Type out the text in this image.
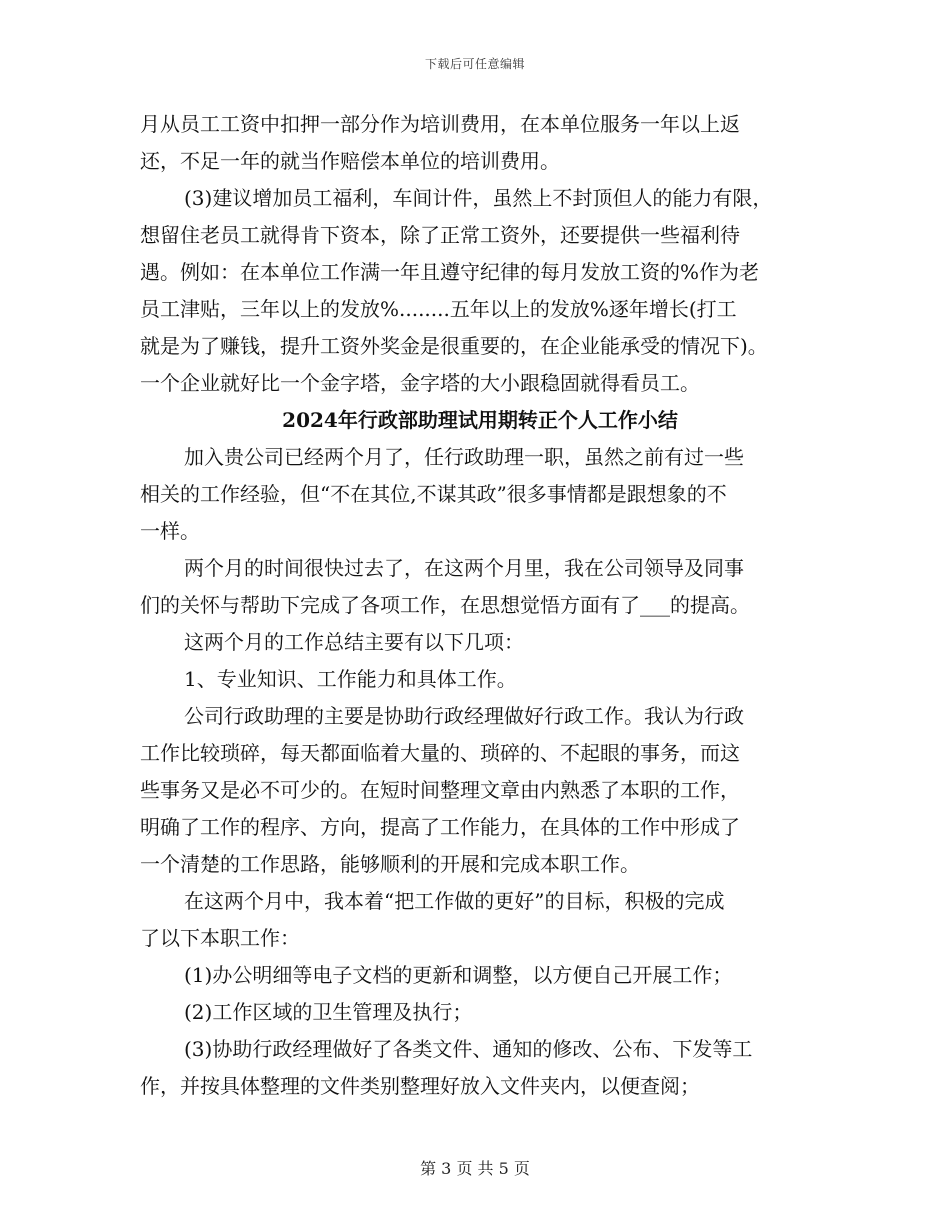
下载后可任意编辑
月从员工工资中扣押一部分作为培训费用，在本单位服务一年以上返
还，不足一年的就当作赔偿本单位的培训费用。
(3)建议增加员工福利，车间计件，虽然上不封顶但人的能力有限，
想留住老员工就得肯下资本，除了正常工资外，还要提供一些福利待
遇。例如：在本单位工作满一年且遵守纪律的每月发放工资的%作为老
员工津贴，三年以上的发放%........五年以上的发放%逐年增长(打工
就是为了赚钱，提升工资外奖金是很重要的，在企业能承受的情况下)。
一个企业就好比一个金字塔，金字塔的大小跟稳固就得看员工。
2024年行政部助理试用期转正个人工作小结
加入贵公司已经两个月了，任行政助理一职，虽然之前有过一些
相关的工作经验，但“不在其位,不谋其政”很多事情都是跟想象的不
一样。
两个月的时间很快过去了，在这两个月里，我在公司领导及同事
们的关怀与帮助下完成了各项工作，在思想觉悟方面有了___的提高。
这两个月的工作总结主要有以下几项：
1、专业知识、工作能力和具体工作。
公司行政助理的主要是协助行政经理做好行政工作。我认为行政
工作比较琐碎，每天都面临着大量的、琐碎的、不起眼的事务，而这
些事务又是必不可少的。在短时间整理文章由内熟悉了本职的工作，
明确了工作的程序、方向，提高了工作能力，在具体的工作中形成了
一个清楚的工作思路，能够顺利的开展和完成本职工作。
在这两个月中，我本着“把工作做的更好”的目标，积极的完成
了以下本职工作：
(1)办公明细等电子文档的更新和调整，以方便自己开展工作；
(2)工作区域的卫生管理及执行；
(3)协助行政经理做好了各类文件、通知的修改、公布、下发等工
作，并按具体整理的文件类别整理好放入文件夹内，以便查阅；
第 3 页 共 5 页
